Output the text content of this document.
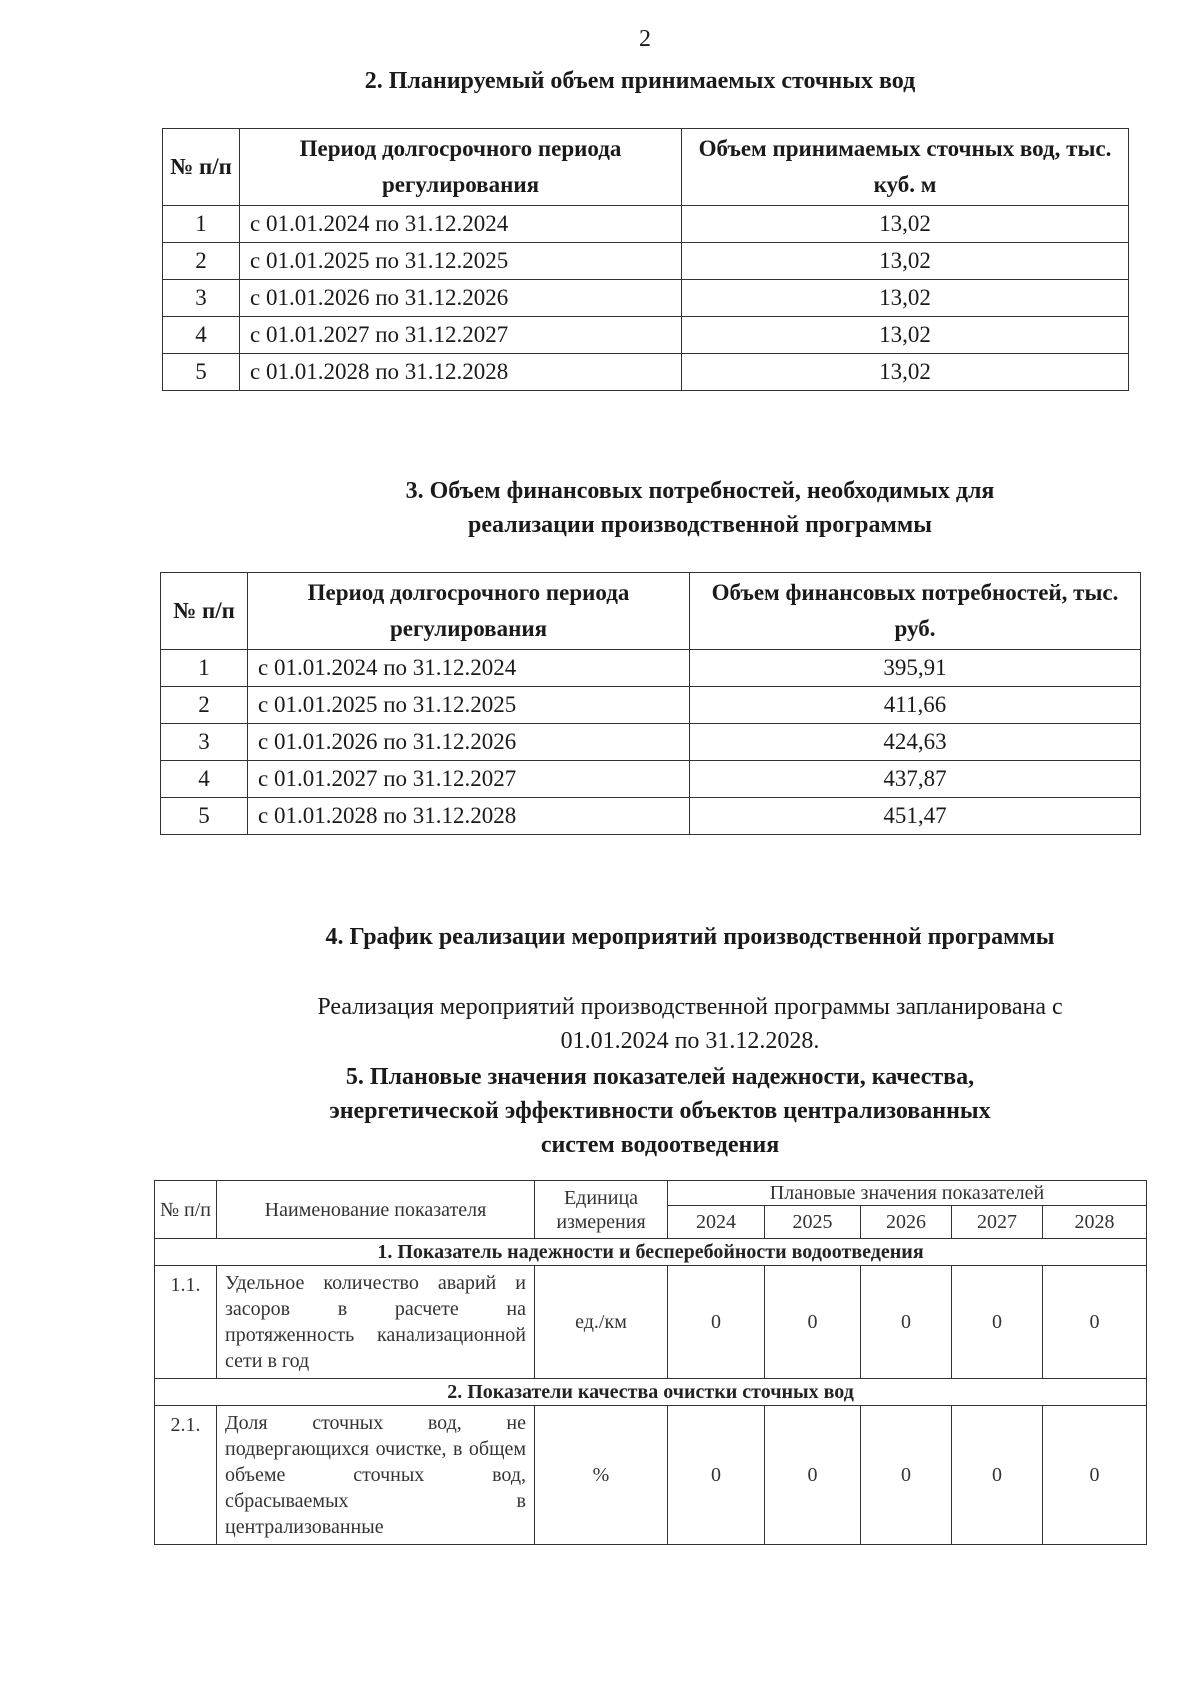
2
2. Планируемый объем принимаемых сточных вод
№ п/п	Период долгосрочного периода регулирования	Объем принимаемых сточных вод, тыс. куб. м
1	с 01.01.2024 по 31.12.2024	13,02
2	с 01.01.2025 по 31.12.2025	13,02
3	с 01.01.2026 по 31.12.2026	13,02
4	с 01.01.2027 по 31.12.2027	13,02
5	с 01.01.2028 по 31.12.2028	13,02
3. Объем финансовых потребностей, необходимых для
реализации производственной программы
№ п/п	Период долгосрочного периода регулирования	Объем финансовых потребностей, тыс. руб.
1	с 01.01.2024 по 31.12.2024	395,91
2	с 01.01.2025 по 31.12.2025	411,66
3	с 01.01.2026 по 31.12.2026	424,63
4	с 01.01.2027 по 31.12.2027	437,87
5	с 01.01.2028 по 31.12.2028	451,47
4. График реализации мероприятий производственной программы
Реализация мероприятий производственной программы запланирована с
01.01.2024 по 31.12.2028.
5. Плановые значения показателей надежности, качества,
энергетической эффективности объектов централизованных
систем водоотведения
№ п/п	Наименование показателя	Единица измерения	Плановые значения показателей				
			2024	2025	2026	2027	2028
1. Показатель надежности и бесперебойности водоотведения							
1.1.	Удельное количество аварий и засоров в расчете на протяженность канализационной сети в год	ед./км	0	0	0	0	0
2. Показатели качества очистки сточных вод							
2.1.	Доля сточных вод, не подвергающихся очистке, в общем объеме сточных вод, сбрасываемых в централизованные	%	0	0	0	0	0
